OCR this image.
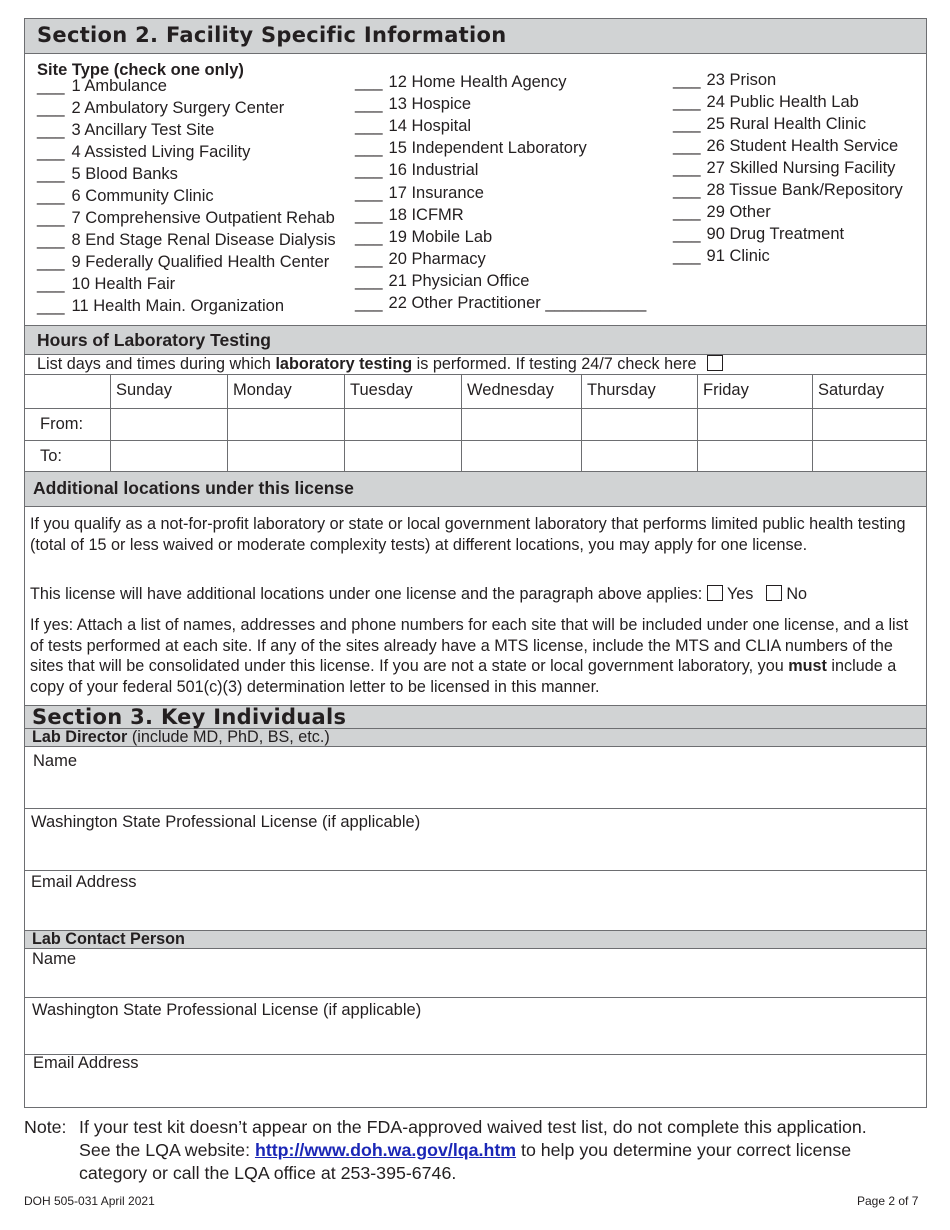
Section 2. Facility Specific Information
Site Type (check one only)
___ 1 Ambulance
___ 2 Ambulatory Surgery Center
___ 3 Ancillary Test Site
___ 4 Assisted Living Facility
___ 5 Blood Banks
___ 6 Community Clinic
___ 7 Comprehensive Outpatient Rehab
___ 8 End Stage Renal Disease Dialysis
___ 9 Federally Qualified Health Center
___ 10 Health Fair
___ 11 Health Main. Organization
___ 12 Home Health Agency
___ 13 Hospice
___ 14 Hospital
___ 15 Independent Laboratory
___ 16 Industrial
___ 17 Insurance
___ 18 ICFMR
___ 19 Mobile Lab
___ 20 Pharmacy
___ 21 Physician Office
___ 22 Other Practitioner ___________
___ 23 Prison
___ 24 Public Health Lab
___ 25 Rural Health Clinic
___ 26 Student Health Service
___ 27 Skilled Nursing Facility
___ 28 Tissue Bank/Repository
___ 29 Other
___ 90 Drug Treatment
___ 91 Clinic
Hours of Laboratory Testing
List days and times during which laboratory testing is performed. If testing 24/7 check here
Sunday	Monday	Tuesday	Wednesday Thursday	Friday	Saturday
From:
To:
Additional locations under this license
If you qualify as a not-for-profit laboratory or state or local government laboratory that performs limited public health testing (total of 15 or less waived or moderate complexity tests) at different locations, you may apply for one license.
This license will have additional locations under one license and the paragraph above applies: Yes No
If yes: Attach a list of names, addresses and phone numbers for each site that will be included under one license, and a list of tests performed at each site. If any of the sites already have a MTS license, include the MTS and CLIA numbers of the sites that will be consolidated under this license. If you are not a state or local government laboratory, you must include a copy of your federal 501(c)(3) determination letter to be licensed in this manner.
Section 3. Key Individuals
Lab Director (include MD, PhD, BS, etc.)
Name
Washington State Professional License (if applicable)
Email Address
Lab Contact Person
Name
Washington State Professional License (if applicable)
Email Address
Note: If your test kit doesn’t appear on the FDA-approved waived test list, do not complete this application.
See the LQA website: http://www.doh.wa.gov/lqa.htm to help you determine your correct license
category or call the LQA office at 253-395-6746.
DOH 505-031 April 2021	Page 2 of 7
